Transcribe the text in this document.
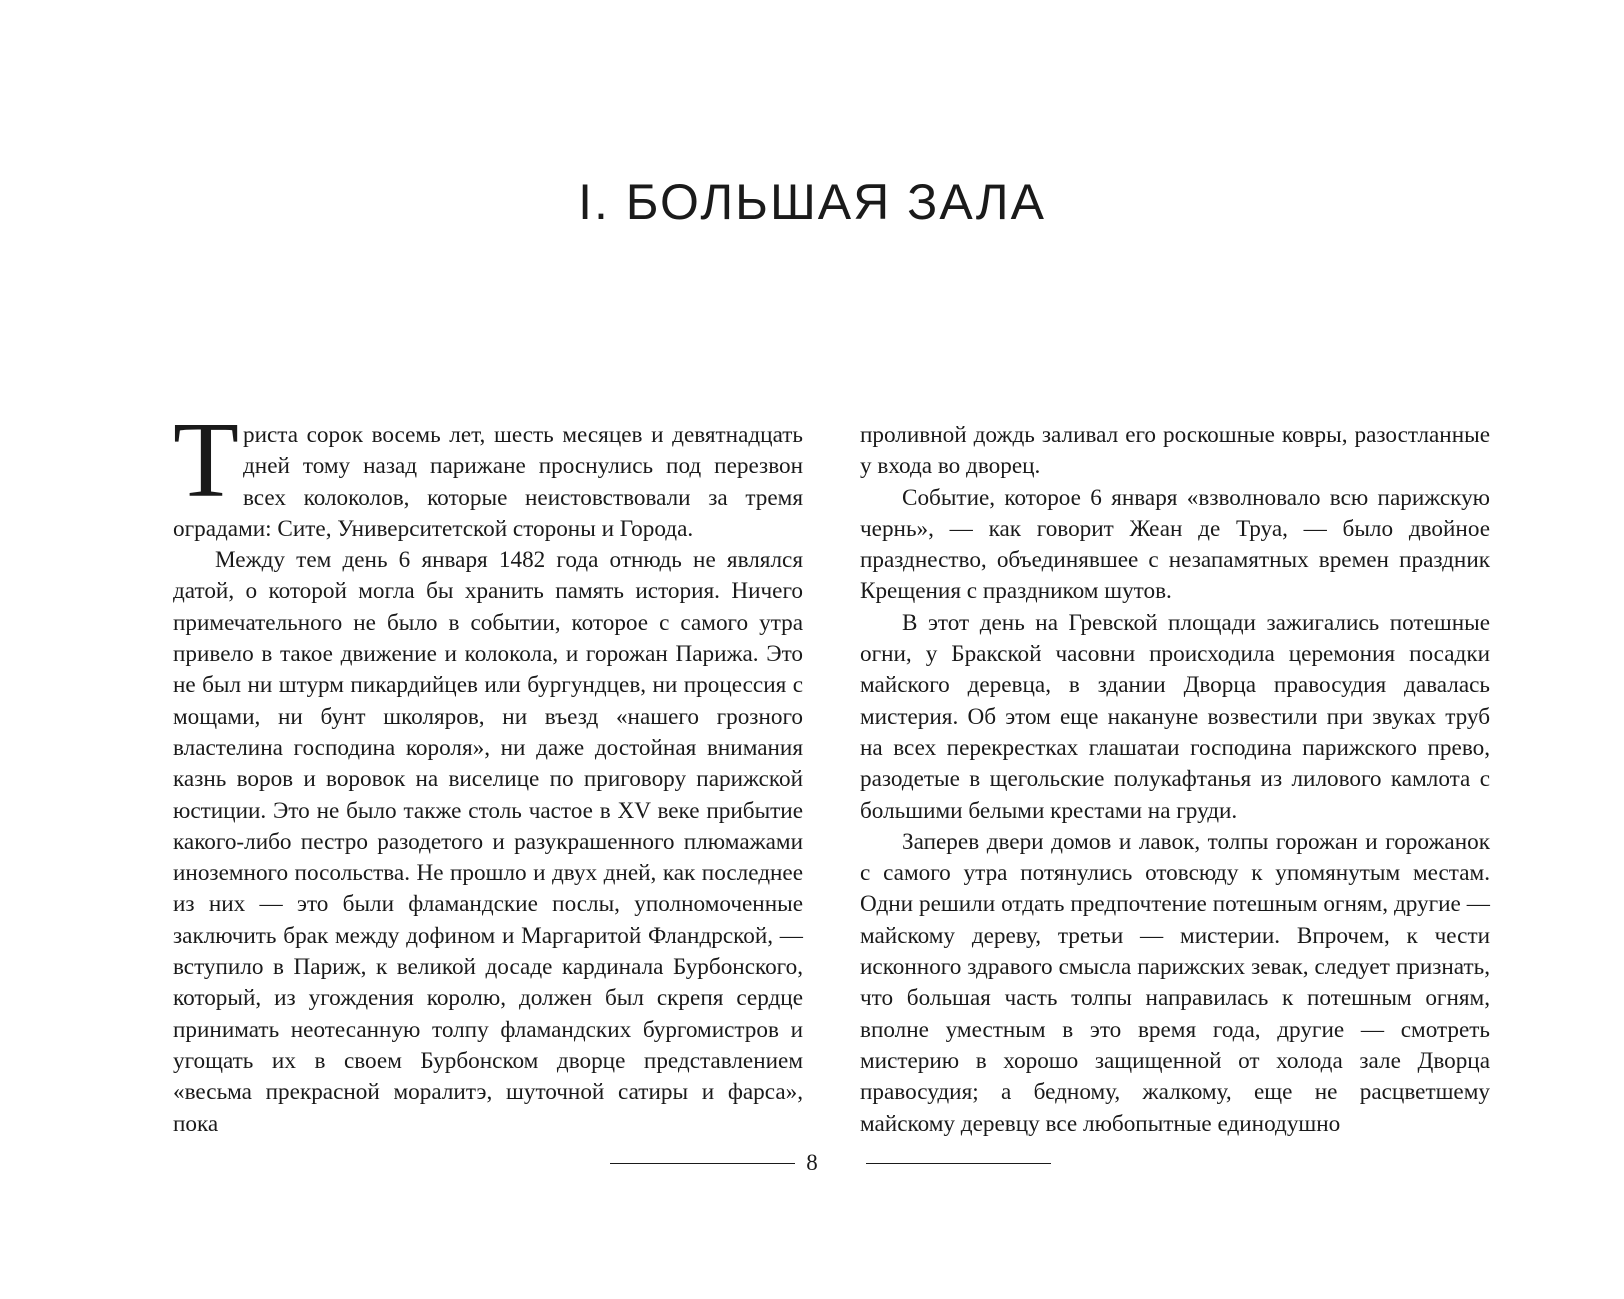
I. БОЛЬШАЯ ЗАЛА

Триста сорок восемь лет, шесть месяцев и девятнадцать дней тому назад парижане проснулись под перезвон всех колоколов, которые неистовствовали за тремя оградами: Сите, Университетской стороны и Города.

Между тем день 6 января 1482 года отнюдь не являлся датой, о которой могла бы хранить память история. Ничего примечательного не было в событии, которое с самого утра привело в такое движение и колокола, и горожан Парижа. Это не был ни штурм пикардийцев или бургундцев, ни процессия с мощами, ни бунт школяров, ни въезд «нашего грозного властелина господина короля», ни даже достойная внимания казнь воров и воровок на виселице по приговору парижской юстиции. Это не было также столь частое в XV веке прибытие какого-либо пестро разодетого и разукрашенного плюмажами иноземного посольства. Не прошло и двух дней, как последнее из них — это были фламандские послы, уполномоченные заключить брак между дофином и Маргаритой Фландрской, — вступило в Париж, к великой досаде кардинала Бурбонского, который, из угождения королю, должен был скрепя сердце принимать неотесанную толпу фламандских бургомистров и угощать их в своем Бурбонском дворце представлением «весьма прекрасной моралитэ, шуточной сатиры и фарса», пока

проливной дождь заливал его роскошные ковры, разостланные у входа во дворец.

Событие, которое 6 января «взволновало всю парижскую чернь», — как говорит Жеан де Труа, — было двойное празднество, объединявшее с незапамятных времен праздник Крещения с праздником шутов.

В этот день на Гревской площади зажигались потешные огни, у Бракской часовни происходила церемония посадки майского деревца, в здании Дворца правосудия давалась мистерия. Об этом еще накануне возвестили при звуках труб на всех перекрестках глашатаи господина парижского прево, разодетые в щегольские полукафтанья из лилового камлота с большими белыми крестами на груди.

Заперев двери домов и лавок, толпы горожан и горожанок с самого утра потянулись отовсюду к упомянутым местам. Одни решили отдать предпочтение потешным огням, другие — майскому дереву, третьи — мистерии. Впрочем, к чести исконного здравого смысла парижских зевак, следует признать, что большая часть толпы направилась к потешным огням, вполне уместным в это время года, другие — смотреть мистерию в хорошо защищенной от холода зале Дворца правосудия; а бедному, жалкому, еще не расцветшему майскому деревцу все любопытные единодушно

8
